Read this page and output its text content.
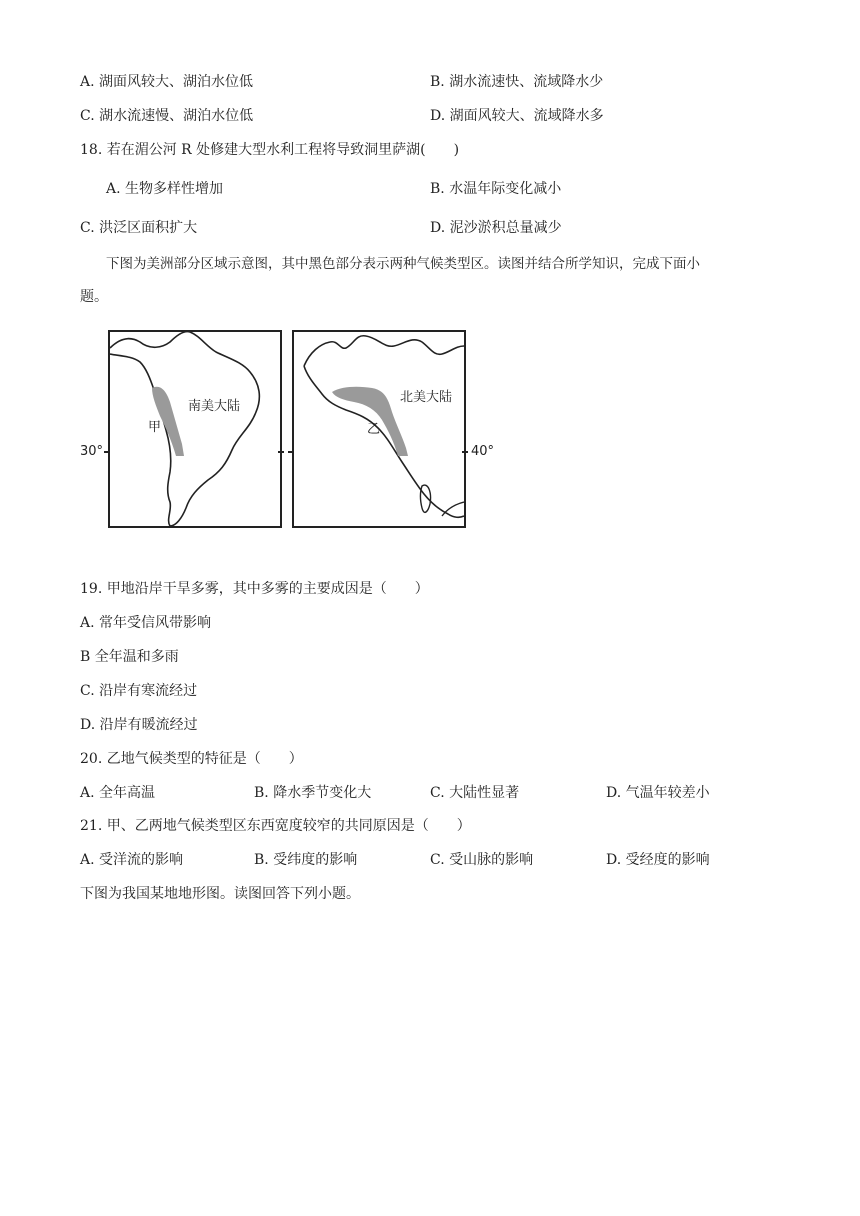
A. 湖面风较大、湖泊水位低	B. 湖水流速快、流域降水少
C. 湖水流速慢、湖泊水位低	D. 湖面风较大、流域降水多
18. 若在湄公河 R 处修建大型水利工程将导致洞里萨湖(　　)
A. 生物多样性增加	B. 水温年际变化减小
C. 洪泛区面积扩大	D. 泥沙淤积总量减少
下图为美洲部分区域示意图，其中黑色部分表示两种气候类型区。读图并结合所学知识，完成下面小
题。
南美大陆
甲
北美大陆
乙
30°	40°
19. 甲地沿岸干旱多雾，其中多雾的主要成因是（　　）
A. 常年受信风带影响
B 全年温和多雨
C. 沿岸有寒流经过
D. 沿岸有暖流经过
20. 乙地气候类型的特征是（　　）
A. 全年高温	B. 降水季节变化大	C. 大陆性显著	D. 气温年较差小
21. 甲、乙两地气候类型区东西宽度较窄的共同原因是（　　）
A. 受洋流的影响	B. 受纬度的影响	C. 受山脉的影响	D. 受经度的影响
下图为我国某地地形图。读图回答下列小题。
